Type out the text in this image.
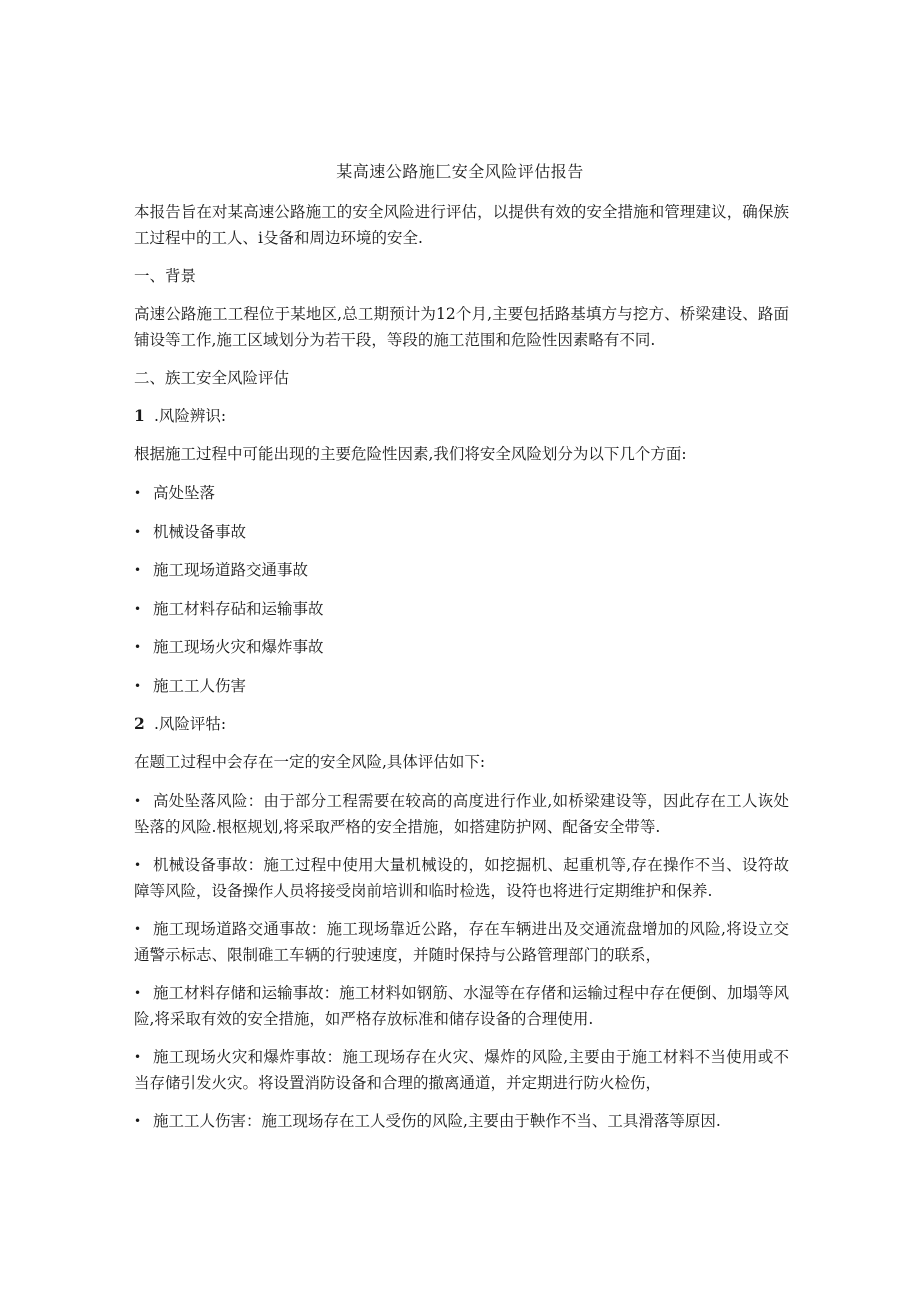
某高速公路施匚安全风险评估报告

本报告旨在对某高速公路施工的安全风险进行评估，以提供有效的安全措施和管理建议，确保族工过程中的工人、i殳备和周边环境的安全.

一、背景

高速公路施工工程位于某地区,总工期预计为12个月,主要包括路基填方与挖方、桥梁建设、路面铺设等工作,施工区域划分为若干段，等段的施工范围和危险性因素略有不同.

二、族工安全风险评估

1 .风险辨识:

根据施工过程中可能出现的主要危险性因素,我们将安全风险划分为以下几个方面:

• 高处坠落
• 机械设备事故
• 施工现场道路交通事故
• 施工材料存砧和运输事故
• 施工现场火灾和爆炸事故
• 施工工人伤害

2 .风险评牯:

在题工过程中会存在一定的安全风险,具体评估如下:

• 高处坠落风险：由于部分工程需要在较高的高度进行作业,如桥梁建设等，因此存在工人诙处坠落的风险.根枢规划,将采取严格的安全措施，如搭建防护网、配备安全带等.

• 机械设备事故：施工过程中使用大量机械设的，如挖掘机、起重机等,存在操作不当、设符故障等风险，设备操作人员将接受岗前培训和临时检选，设符也将进行定期维护和保养.

• 施工现场道路交通事故：施工现场靠近公路，存在车辆进出及交通流盘增加的风险,将设立交通警示标志、限制碓工车辆的行驶速度，并随时保持与公路管理部门的联系，

• 施工材料存储和运输事故：施工材料如钢筋、水湿等在存偖和运输过程中存在便倒、加塌等风险,将采取有效的安全措施，如严格存放标准和储存设备的合理使用.

• 施工现场火灾和爆炸事故：施工现场存在火灾、爆炸的风险,主要由于施工材料不当使用或不当存储引发火灾。将设置消防设备和合理的撤离通道，并定期进行防火检伤，

• 施工工人伤害：施工现场存在工人受伤的风险,主要由于鞅作不当、工具滑落等原因.
